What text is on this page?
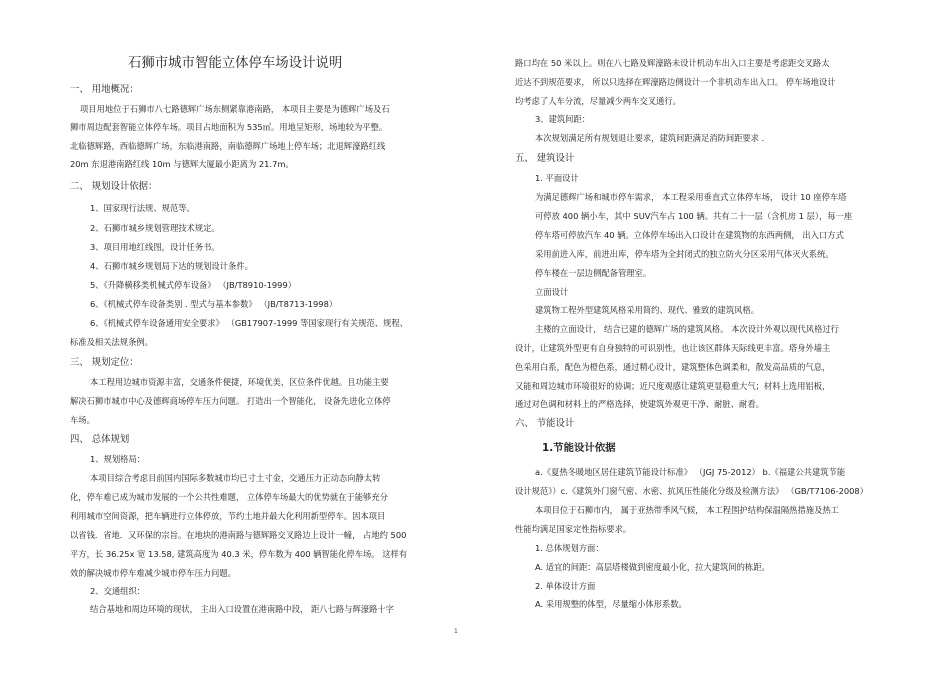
石狮市城市智能立体停车场设计说明
一、 用地概况：
项目用地位于石狮市八七路德辉广场东侧紧靠港南路， 本项目主要是为德辉广场及石
狮市周边配套智能立体停车场。项目占地面积为 535㎡。用地呈矩形，场地较为平整。
北临德辉路，西临德辉广场，东临港南路，南临德辉广场地上停车场；北退辉濠路红线
20m 东退港南路红线 10m 与德辉大厦最小距离为 21.7m。
二、 规划设计依据：
1、国家现行法规、规范等。
2、石狮市城乡规划管理技术规定。
3、项目用地红线图，设计任务书。
4、石狮市城乡规划局下达的规划设计条件。
5、《升降横移类机械式停车设备》 （JB/T8910-1999）
6、《机械式停车设备类别 . 型式与基本参数》 （JB/T8713-1998）
6、《机械式停车设备通用安全要求》 （GB17907-1999 等国家现行有关规范、规程、
标准及相关法规条例。
三、 规划定位：
本工程用边城市资源丰富，交通条件便捷，环境优美，区位条件优越。且功能主要
解决石狮市城市中心及德辉商场停车压力问题。 打造出一个智能化， 设备先进化立体停
车场。
四、 总体规划
1、规划格局：
本项目综合考虑目前国内国际多数城市均已寸土寸金，交通压力正动态向静太转
化，停车难已成为城市发展的一个公共性难题， 立体停车场最大的优势就在于能够充分
利用城市空间资源，把车辆进行立体停放，节约土地并最大化利用新型停车。因本项目
以省钱．省地．又环保的宗旨。在地块的港南路与德辉路交叉路边上设计一幢， 占地约 500
平方，长 36.25x 宽 13.58, 建筑高度为 40.3 米，停车数为 400 辆智能化停车场。 这样有
效的解决城市停车难减少城市停车压力问题。
2、交通组织：
结合基地和周边环境的现状， 主出入口设置在港南路中段， 距八七路与辉濠路十字
路口均在 50 米以上。则在八七路及辉濠路未设计机动车出入口主要是考虑距交叉路太
近达不到规范要求， 所以只选择在辉濠路边侧设计一个非机动车出入口。 停车场地设计
均考虑了人车分流，尽量减少两车交叉通行。
3、建筑间距：
本次规划满足所有规划退让要求，建筑间距满足消防间距要求 .
五、 建筑设计
1. 平面设计
为满足德辉广场和城市停车需求， 本工程采用垂直式立体停车场， 设计 10 座停车塔
可停放 400 辆小车，其中 SUV汽车占 100 辆。共有二十一层（含机房 1 层），每一座
停车塔可停放汽车 40 辆。立体停车场出入口设计在建筑物的东西两侧， 出入口方式
采用前进入库，前进出库，停车塔为全封闭式的独立防火分区采用气体灭火系统。
停车楼在一层边侧配备管理室。
立面设计
建筑物工程外型建筑风格采用简约、现代、雅致的建筑风格。
主楼的立面设计， 结合已建的德辉广场的建筑风格。 本次设计外观以现代风格过行
设计，让建筑外型更有自身独特的可识别性，也让该区群体天际线更丰富。塔身外墙主
色采用白系，配色为橙色系，通过精心设计，建筑整体色调柔和，散发高品质的气息，
又能和周边城市环境很好的协调；近尺度观感让建筑更显稳重大气；材料上选用铝板，
通过对色调和材料上的严格选择，使建筑外观更干净、耐脏、耐看。
六、 节能设计
1.节能设计依据
a.《夏热冬暖地区居住建筑节能设计标准》 （JGJ 75-2012） b.《福建公共建筑节能
设计规范》）c.《建筑外门窗气密、水密、抗风压性能化分级及检测方法》 （GB/T7106-2008）
本项目位于石狮市内， 属于亚热带季风气候， 本工程围护结构保温隔热措施及热工
性能均满足国家定性指标要求。
1. 总体规划方面：
A. 适宜的间距：高层塔楼做到密度最小化，拉大建筑间的栋距。
2. 单体设计方面
A. 采用规整的体型，尽量缩小体形系数。
1
